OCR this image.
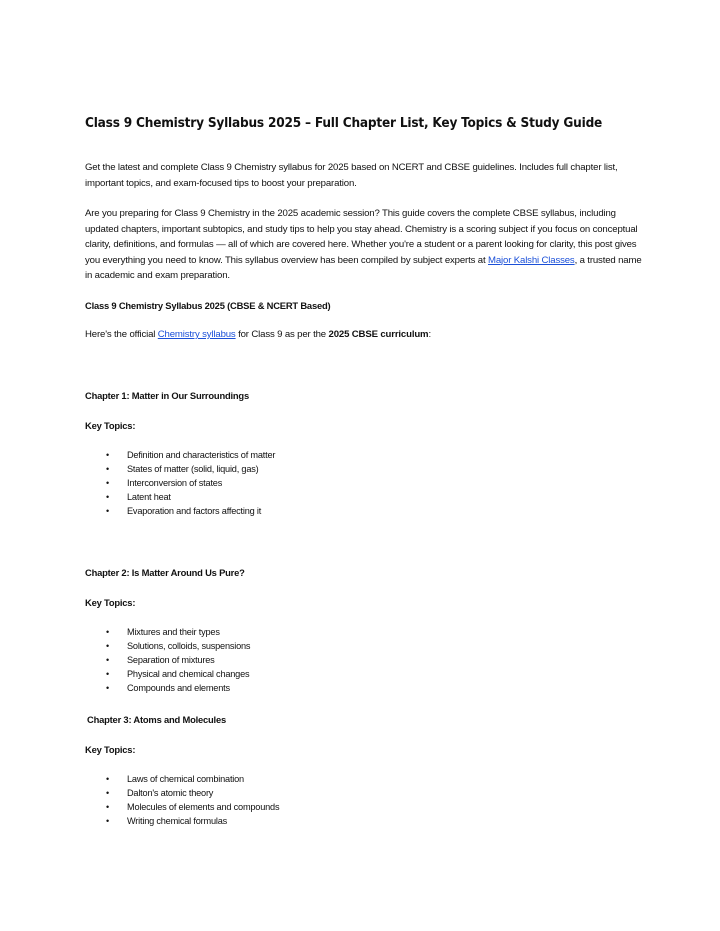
Class 9 Chemistry Syllabus 2025 – Full Chapter List, Key Topics & Study Guide

Get the latest and complete Class 9 Chemistry syllabus for 2025 based on NCERT and CBSE guidelines. Includes full chapter list, important topics, and exam-focused tips to boost your preparation.

Are you preparing for Class 9 Chemistry in the 2025 academic session? This guide covers the complete CBSE syllabus, including updated chapters, important subtopics, and study tips to help you stay ahead. Chemistry is a scoring subject if you focus on conceptual clarity, definitions, and formulas — all of which are covered here. Whether you're a student or a parent looking for clarity, this post gives you everything you need to know. This syllabus overview has been compiled by subject experts at Major Kalshi Classes, a trusted name in academic and exam preparation.

Class 9 Chemistry Syllabus 2025 (CBSE & NCERT Based)

Here's the official Chemistry syllabus for Class 9 as per the 2025 CBSE curriculum:

Chapter 1: Matter in Our Surroundings

Key Topics:

• Definition and characteristics of matter
• States of matter (solid, liquid, gas)
• Interconversion of states
• Latent heat
• Evaporation and factors affecting it

Chapter 2: Is Matter Around Us Pure?

Key Topics:

• Mixtures and their types
• Solutions, colloids, suspensions
• Separation of mixtures
• Physical and chemical changes
• Compounds and elements

Chapter 3: Atoms and Molecules

Key Topics:

• Laws of chemical combination
• Dalton's atomic theory
• Molecules of elements and compounds
• Writing chemical formulas
